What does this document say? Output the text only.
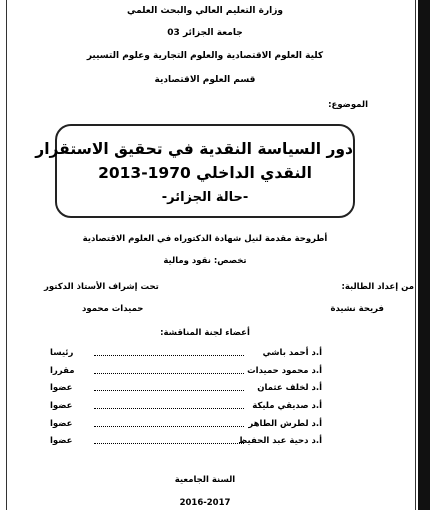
وزارة التعليم العالي والبحث العلمي
جامعة الجزائر 03
كلية العلوم الاقتصادية والعلوم التجارية وعلوم التسيير
قسم العلوم الاقتصادية
الموضوع:
دور السياسة النقدية في تحقيق الاستقرار
النقدي الداخلي 1970-2013
-حالة الجزائر-
أطروحة مقدمة لنيل شهادة الدكتوراه في العلوم الاقتصادية
تخصص: نقود ومالية
من إعداد الطالبة:
تحت إشراف الأستاذ الدكتور
فريحة نشيدة
حميدات محمود
أعضاء لجنة المناقشة:
أ.د أحمد باشي
رئيسا
أ.د محمود حميدات
مقررا
أ.د لخلف عثمان
عضوا
أ.د صديقي مليكة
عضوا
أ.د لطرش الطاهر
عضوا
أ.د دحية عبد الحفيظ
عضوا
السنة الجامعية
2016-2017
